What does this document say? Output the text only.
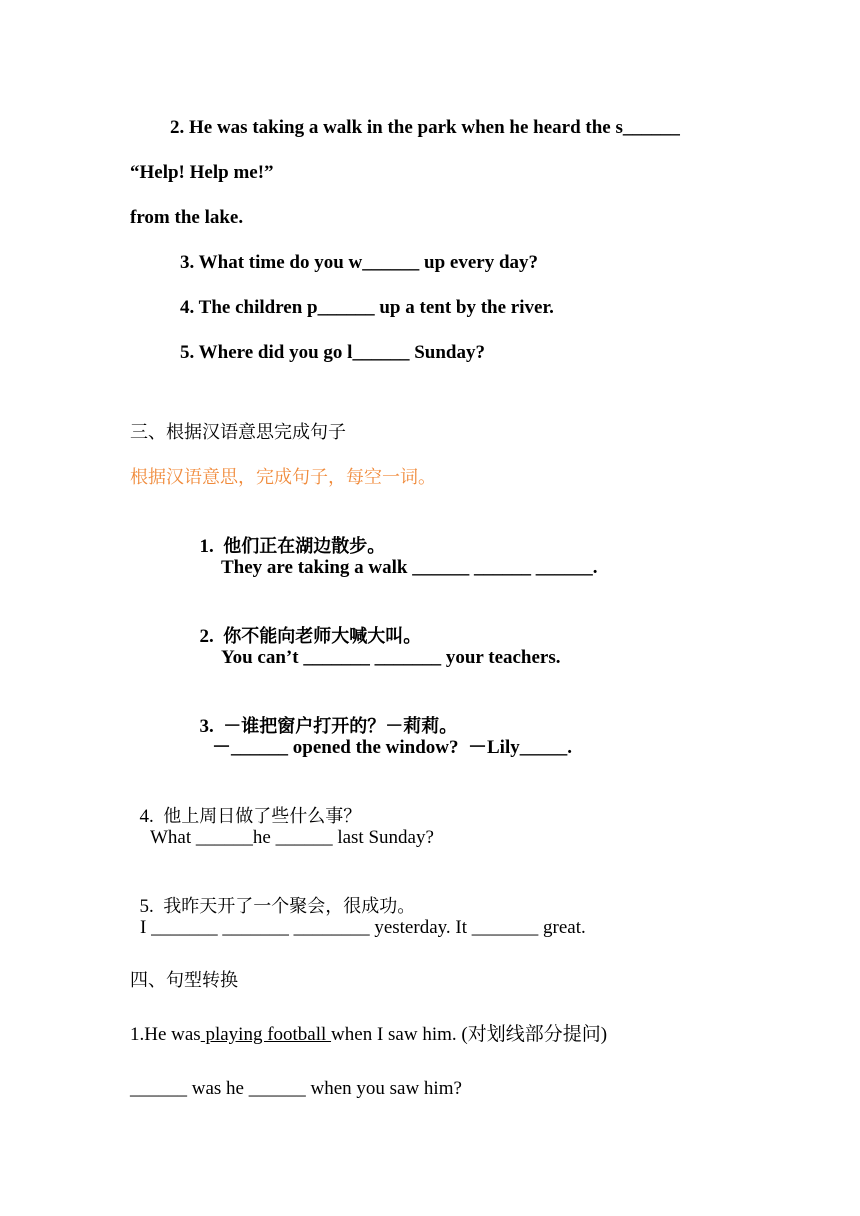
2. He was taking a walk in the park when he heard the s______
“Help! Help me!”
from the lake.
3. What time do you w______ up every day?
4. The children p______ up a tent by the river.
5. Where did you go l______ Sunday?
三、根据汉语意思完成句子
根据汉语意思，完成句子，每空一词。

1. 他们正在湖边散步。

They are taking a walk ______ ______ ______.

2. 你不能向老师大喊大叫。

You can’t _______ _______ your teachers.

3. －谁把窗户打开的？－莉莉。

－______ opened the window?  －Lily_____.

4. 他上周日做了些什么事？

What ______he ______ last Sunday?

5. 我昨天开了一个聚会，很成功。

I _______ _______ ________ yesterday. It _______ great.
四、句型转换
1.He was playing football when I saw him. (对划线部分提问)
______ was he ______ when you saw him?
